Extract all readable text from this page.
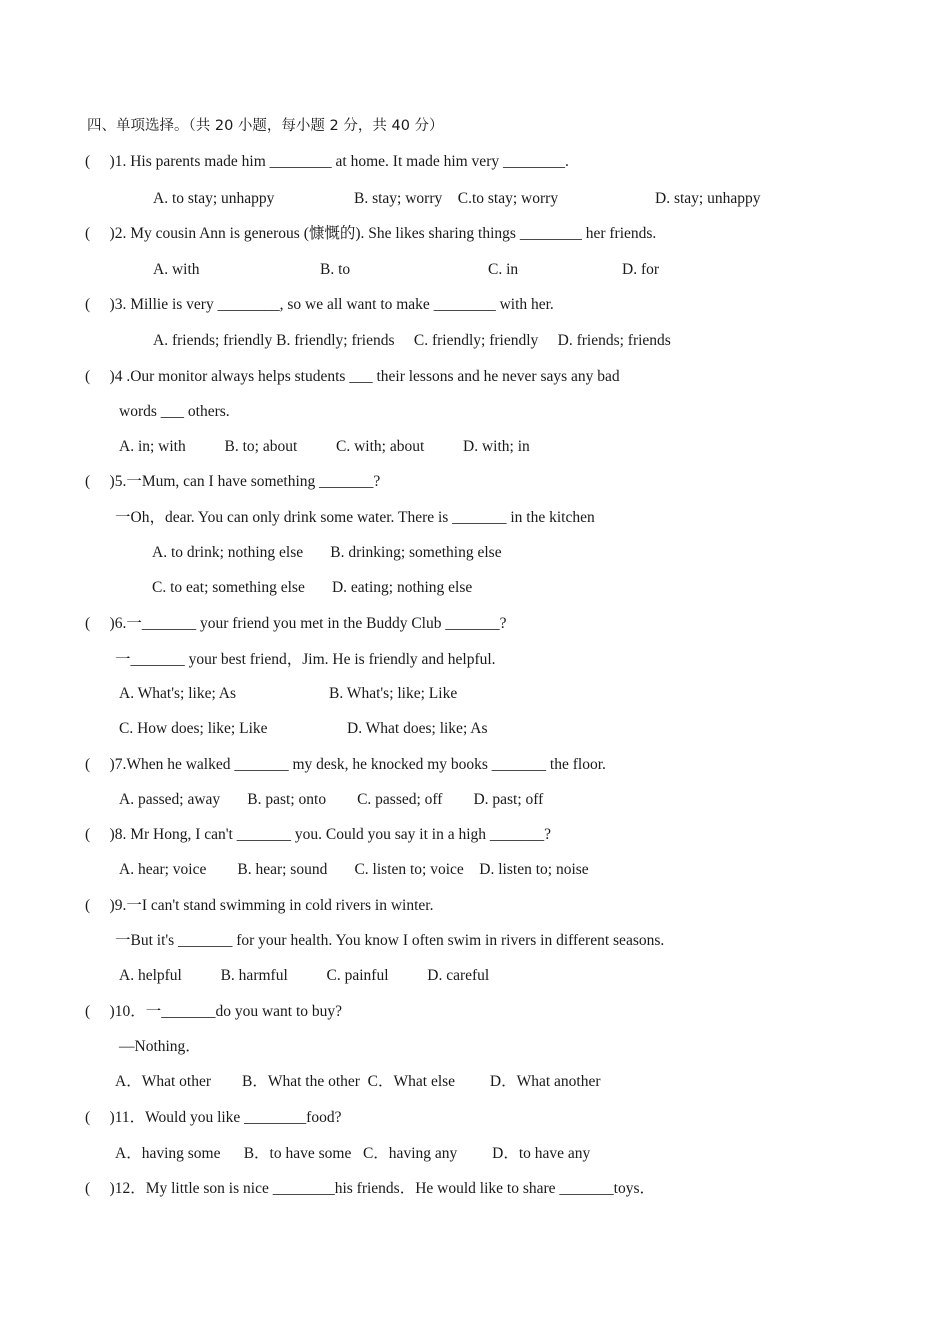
四、单项选择。（共 20 小题，每小题 2 分，共 40 分）
(     )1. His parents made him ________ at home. It made him very ________.
A. to stay; unhappy	B. stay; worry    C.to stay; worry	D. stay; unhappy
(     )2. My cousin Ann is generous (慷慨的). She likes sharing things ________ her friends.
A. with	B. to	C. in	D. for
(     )3. Millie is very ________, so we all want to make ________ with her.
A. friends; friendly B. friendly; friends     C. friendly; friendly     D. friends; friends
(     )4 .Our monitor always helps students ___ their lessons and he never says any bad
words ___ others.
A. in; with          B. to; about          C. with; about          D. with; in
(     )5.一Mum, can I have something _______?
一Oh，dear. You can only drink some water. There is _______ in the kitchen
A. to drink; nothing else       B. drinking; something else
C. to eat; something else       D. eating; nothing else
(     )6.一_______ your friend you met in the Buddy Club _______?
一_______ your best friend，Jim. He is friendly and helpful.
A. What's; like; As	B. What's; like; Like
C. How does; like; Like	D. What does; like; As
(     )7.When he walked _______ my desk, he knocked my books _______ the floor.
A. passed; away       B. past; onto        C. passed; off        D. past; off
(     )8. Mr Hong, I can't _______ you. Could you say it in a high _______?
A. hear; voice        B. hear; sound       C. listen to; voice    D. listen to; noise
(     )9.一I can't stand swimming in cold rivers in winter.
一But it's _______ for your health. You know I often swim in rivers in different seasons.
A. helpful          B. harmful          C. painful          D. careful
(     )10．一_______do you want to buy?
—Nothing．
A．What other        B．What the other  C．What else         D．What another
(     )11．Would you like ________food?
A．having some      B．to have some   C．having any         D．to have any
(     )12．My little son is nice ________his friends．He would like to share _______toys．
